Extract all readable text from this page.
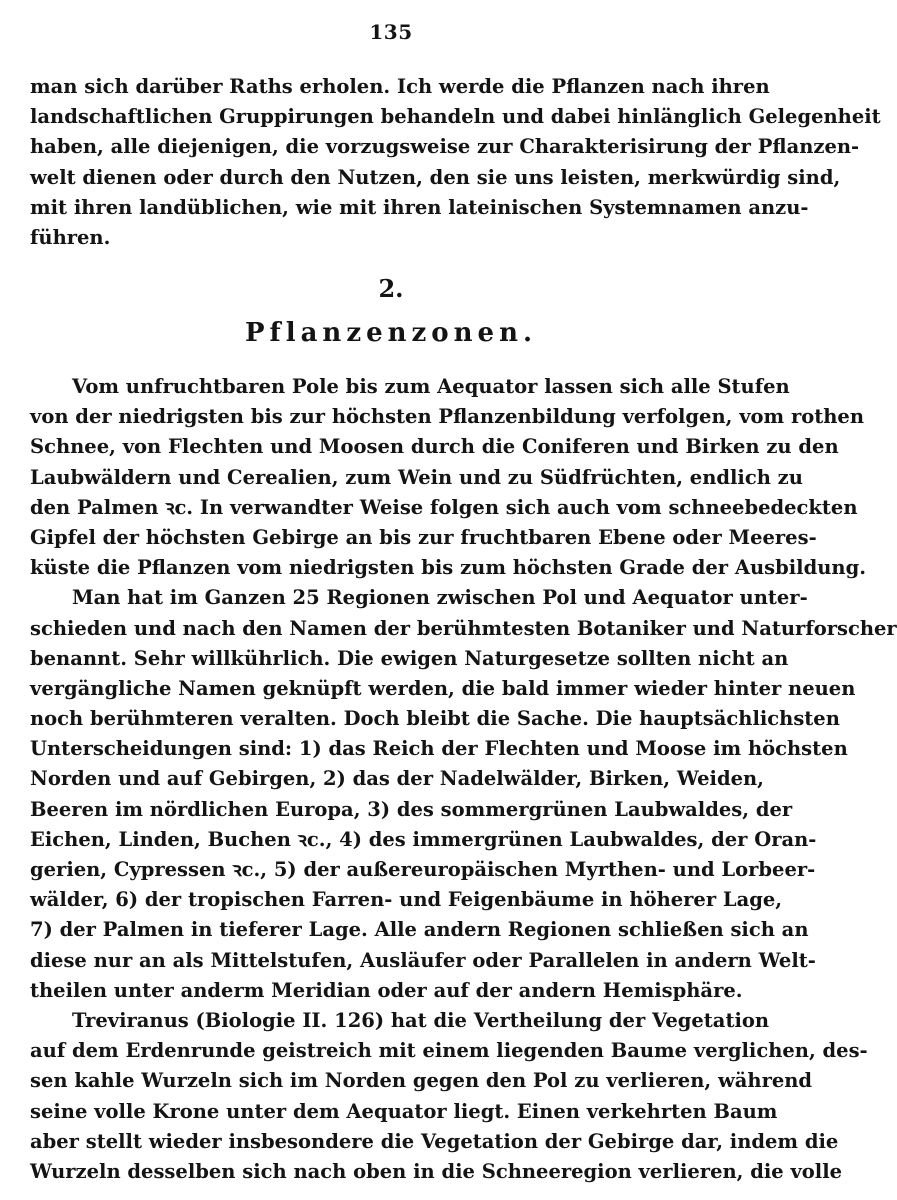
135
man sich darüber Raths erholen. Ich werde die Pflanzen nach ihren
landschaftlichen Gruppirungen behandeln und dabei hinlänglich Gelegenheit
haben, alle diejenigen, die vorzugsweise zur Charakterisirung der Pflanzen-
welt dienen oder durch den Nutzen, den sie uns leisten, merkwürdig sind,
mit ihren landüblichen, wie mit ihren lateinischen Systemnamen anzu-
führen.
2.
Pflanzenzonen.
Vom unfruchtbaren Pole bis zum Aequator lassen sich alle Stufen
von der niedrigsten bis zur höchsten Pflanzenbildung verfolgen, vom rothen
Schnee, von Flechten und Moosen durch die Coniferen und Birken zu den
Laubwäldern und Cerealien, zum Wein und zu Südfrüchten, endlich zu
den Palmen ꝛc. In verwandter Weise folgen sich auch vom schneebedeckten
Gipfel der höchsten Gebirge an bis zur fruchtbaren Ebene oder Meeres-
küste die Pflanzen vom niedrigsten bis zum höchsten Grade der Ausbildung.
Man hat im Ganzen 25 Regionen zwischen Pol und Aequator unter-
schieden und nach den Namen der berühmtesten Botaniker und Naturforscher
benannt. Sehr willkührlich. Die ewigen Naturgesetze sollten nicht an
vergängliche Namen geknüpft werden, die bald immer wieder hinter neuen
noch berühmteren veralten. Doch bleibt die Sache. Die hauptsächlichsten
Unterscheidungen sind: 1) das Reich der Flechten und Moose im höchsten
Norden und auf Gebirgen, 2) das der Nadelwälder, Birken, Weiden,
Beeren im nördlichen Europa, 3) des sommergrünen Laubwaldes, der
Eichen, Linden, Buchen ꝛc., 4) des immergrünen Laubwaldes, der Oran-
gerien, Cypressen ꝛc., 5) der außereuropäischen Myrthen- und Lorbeer-
wälder, 6) der tropischen Farren- und Feigenbäume in höherer Lage,
7) der Palmen in tieferer Lage. Alle andern Regionen schließen sich an
diese nur an als Mittelstufen, Ausläufer oder Parallelen in andern Welt-
theilen unter anderm Meridian oder auf der andern Hemisphäre.
Treviranus (Biologie II. 126) hat die Vertheilung der Vegetation
auf dem Erdenrunde geistreich mit einem liegenden Baume verglichen, des-
sen kahle Wurzeln sich im Norden gegen den Pol zu verlieren, während
seine volle Krone unter dem Aequator liegt. Einen verkehrten Baum
aber stellt wieder insbesondere die Vegetation der Gebirge dar, indem die
Wurzeln desselben sich nach oben in die Schneeregion verlieren, die volle
